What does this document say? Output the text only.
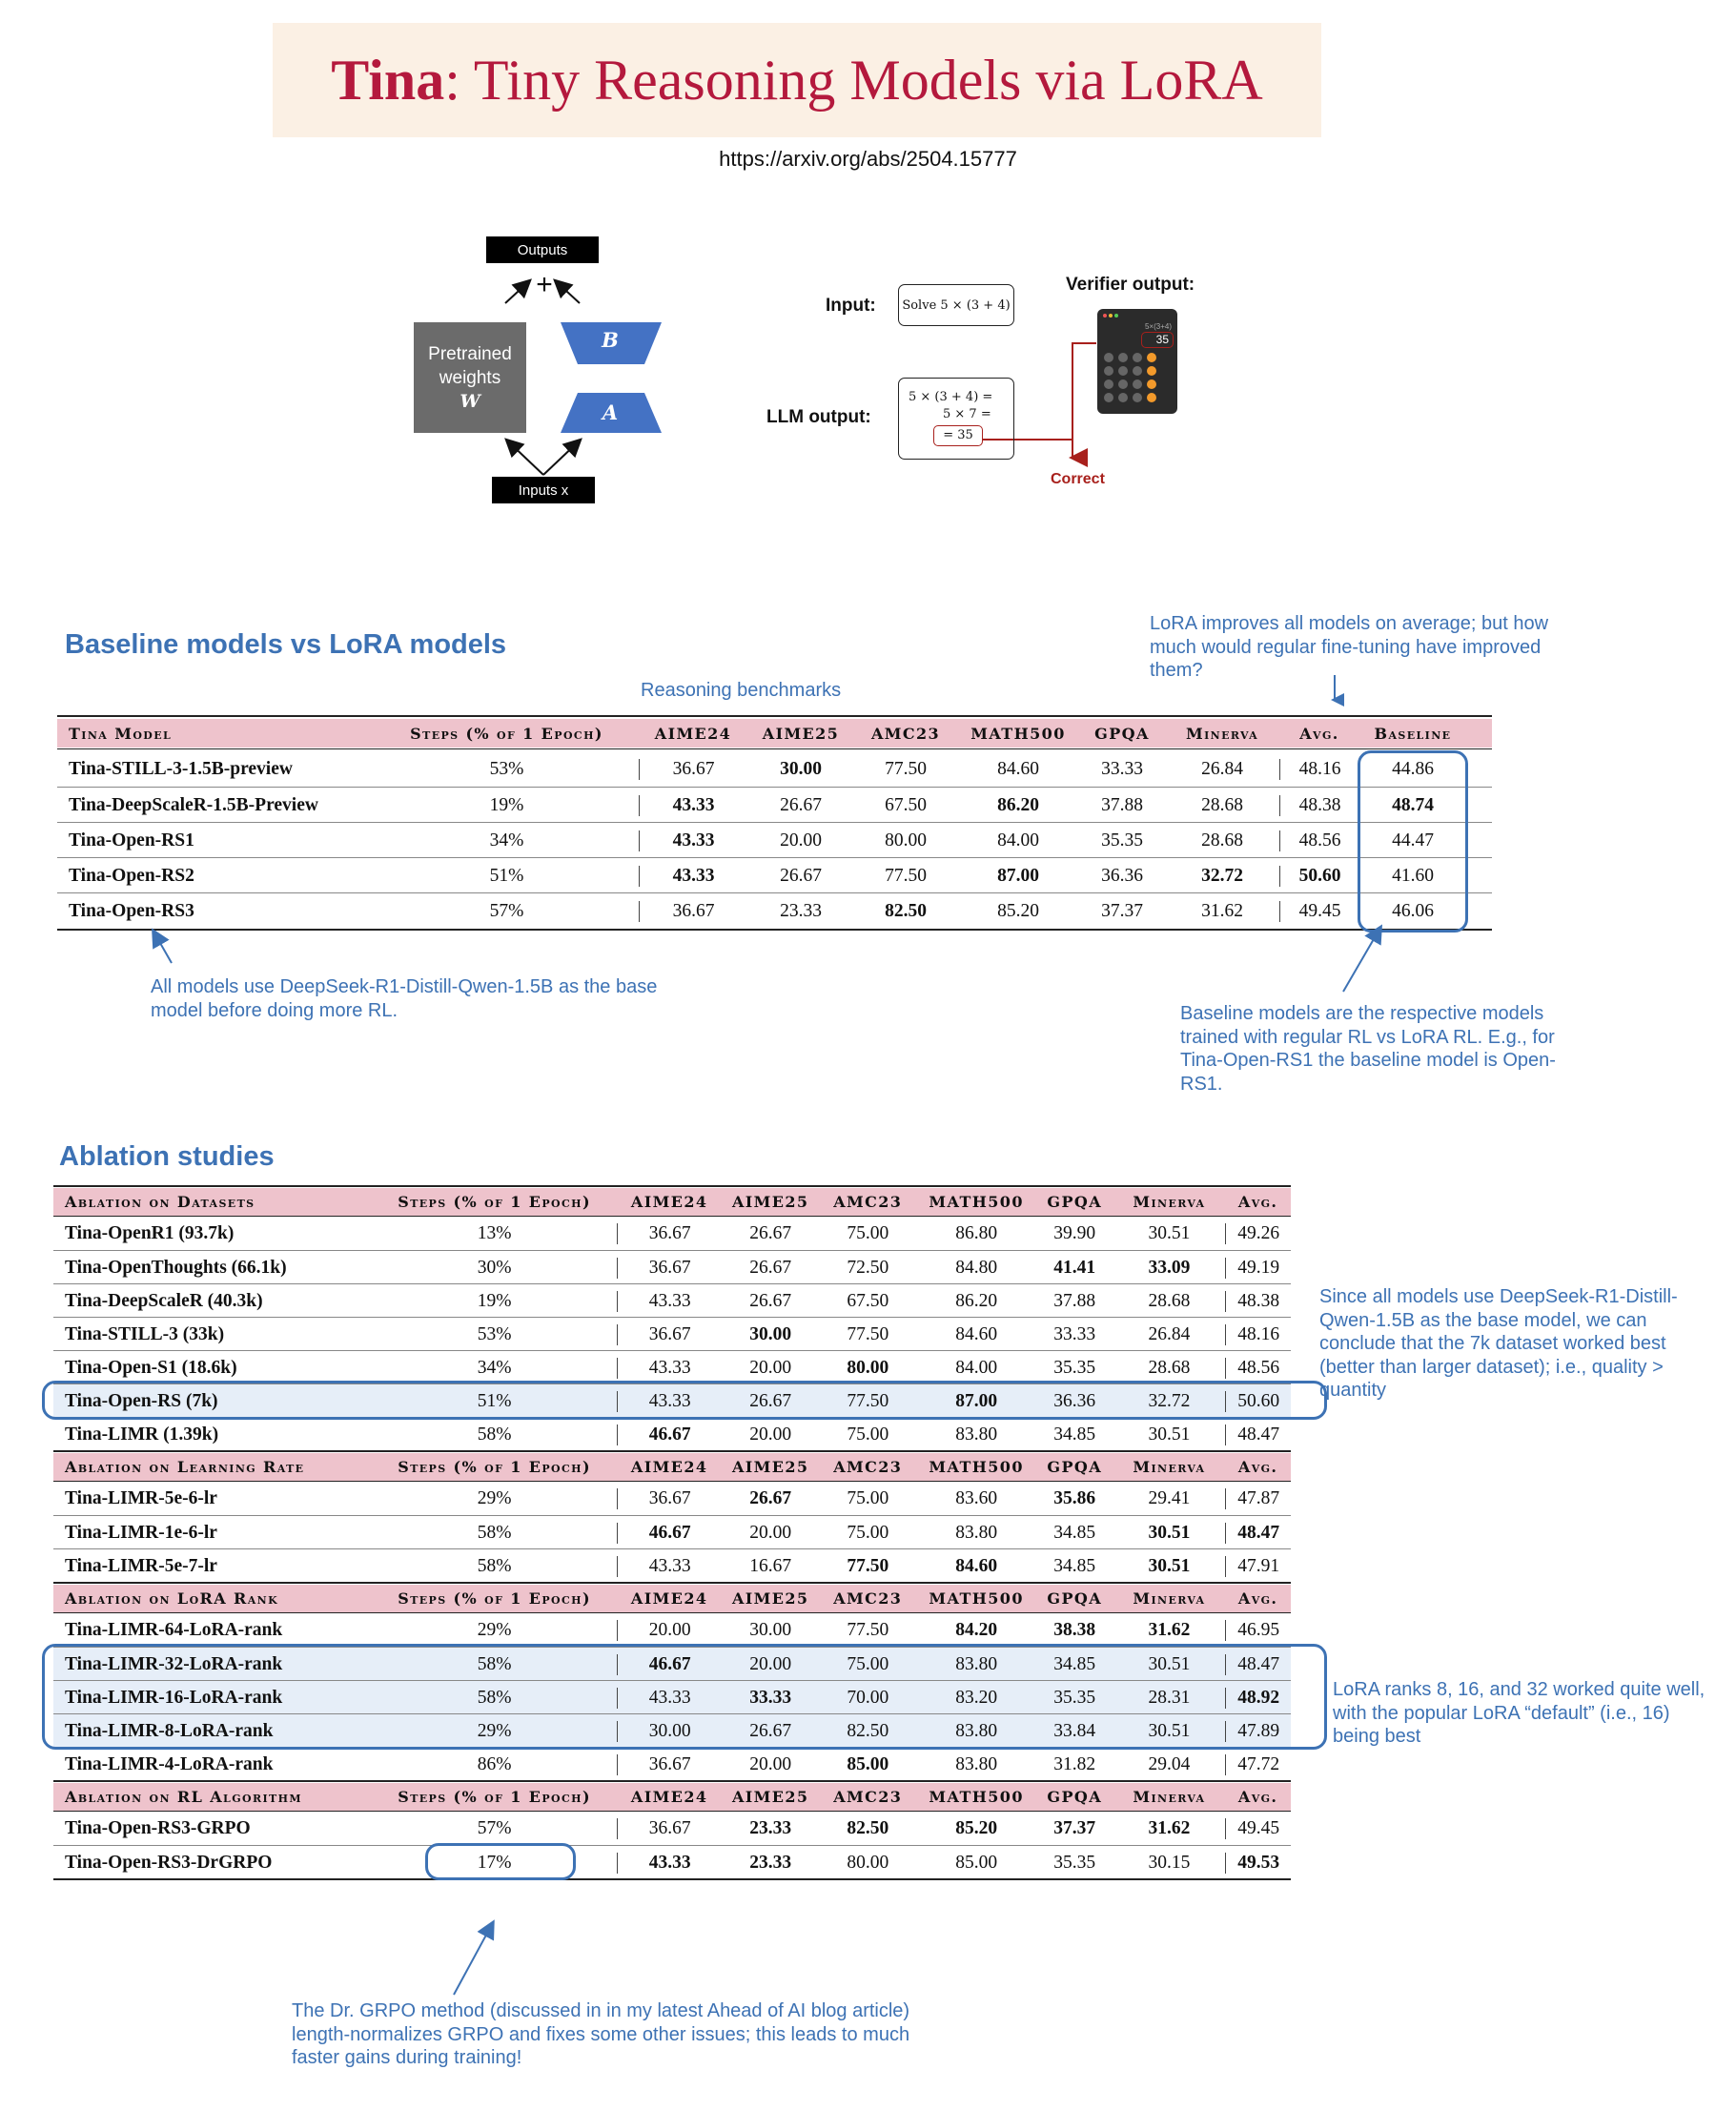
Tina: Tiny Reasoning Models via LoRA
https://arxiv.org/abs/2504.15777
Outputs
+
Pretrained
weights
W
B
A
Inputs x
Input:	Solve 5 × (3 + 4)
LLM output:
5 × (3 + 4) =
5 × 7 =
= 35
Verifier output:
5×(3+4)
35
Correct
Baseline models vs LoRA models
LoRA improves all models on average; but how much would regular fine-tuning have improved them?
Reasoning benchmarks
Tina Model	Steps (% of 1 Epoch)	AIME24	AIME25	AMC23	MATH500	GPQA	Minerva	Avg.	Baseline
Tina-STILL-3-1.5B-preview	53%	36.67	30.00	77.50	84.60	33.33	26.84	48.16	44.86
Tina-DeepScaleR-1.5B-Preview	19%	43.33	26.67	67.50	86.20	37.88	28.68	48.38	48.74
Tina-Open-RS1	34%	43.33	20.00	80.00	84.00	35.35	28.68	48.56	44.47
Tina-Open-RS2	51%	43.33	26.67	77.50	87.00	36.36	32.72	50.60	41.60
Tina-Open-RS3	57%	36.67	23.33	82.50	85.20	37.37	31.62	49.45	46.06
All models use DeepSeek-R1-Distill-Qwen-1.5B as the base model before doing more RL.	Baseline models are the respective models trained with regular RL vs LoRA RL. E.g., for Tina-Open-RS1 the baseline model is Open-RS1.
Ablation studies
Ablation on Datasets	Steps (% of 1 Epoch)	AIME24	AIME25	AMC23	MATH500	GPQA	Minerva	Avg.
Tina-OpenR1 (93.7k)	13%	36.67	26.67	75.00	86.80	39.90	30.51	49.26
Tina-OpenThoughts (66.1k)	30%	36.67	26.67	72.50	84.80	41.41	33.09	49.19
Tina-DeepScaleR (40.3k)	19%	43.33	26.67	67.50	86.20	37.88	28.68	48.38
Tina-STILL-3 (33k)	53%	36.67	30.00	77.50	84.60	33.33	26.84	48.16
Tina-Open-S1 (18.6k)	34%	43.33	20.00	80.00	84.00	35.35	28.68	48.56
Tina-Open-RS (7k)	51%	43.33	26.67	77.50	87.00	36.36	32.72	50.60
Tina-LIMR (1.39k)	58%	46.67	20.00	75.00	83.80	34.85	30.51	48.47
Ablation on Learning Rate	Steps (% of 1 Epoch)	AIME24	AIME25	AMC23	MATH500	GPQA	Minerva	Avg.
Tina-LIMR-5e-6-lr	29%	36.67	26.67	75.00	83.60	35.86	29.41	47.87
Tina-LIMR-1e-6-lr	58%	46.67	20.00	75.00	83.80	34.85	30.51	48.47
Tina-LIMR-5e-7-lr	58%	43.33	16.67	77.50	84.60	34.85	30.51	47.91
Ablation on LoRA Rank	Steps (% of 1 Epoch)	AIME24	AIME25	AMC23	MATH500	GPQA	Minerva	Avg.
Tina-LIMR-64-LoRA-rank	29%	20.00	30.00	77.50	84.20	38.38	31.62	46.95
Tina-LIMR-32-LoRA-rank	58%	46.67	20.00	75.00	83.80	34.85	30.51	48.47
Tina-LIMR-16-LoRA-rank	58%	43.33	33.33	70.00	83.20	35.35	28.31	48.92
Tina-LIMR-8-LoRA-rank	29%	30.00	26.67	82.50	83.80	33.84	30.51	47.89
Tina-LIMR-4-LoRA-rank	86%	36.67	20.00	85.00	83.80	31.82	29.04	47.72
Ablation on RL Algorithm	Steps (% of 1 Epoch)	AIME24	AIME25	AMC23	MATH500	GPQA	Minerva	Avg.
Tina-Open-RS3-GRPO	57%	36.67	23.33	82.50	85.20	37.37	31.62	49.45
Tina-Open-RS3-DrGRPO	17%	43.33	23.33	80.00	85.00	35.35	30.15	49.53
Since all models use DeepSeek-R1-Distill-Qwen-1.5B as the base model, we can conclude that the 7k dataset worked best (better than larger dataset); i.e., quality > quantity
LoRA ranks 8, 16, and 32 worked quite well, with the popular LoRA “default” (i.e., 16) being best
The Dr. GRPO method (discussed in in my latest Ahead of AI blog article) length-normalizes GRPO and fixes some other issues; this leads to much faster gains during training!
